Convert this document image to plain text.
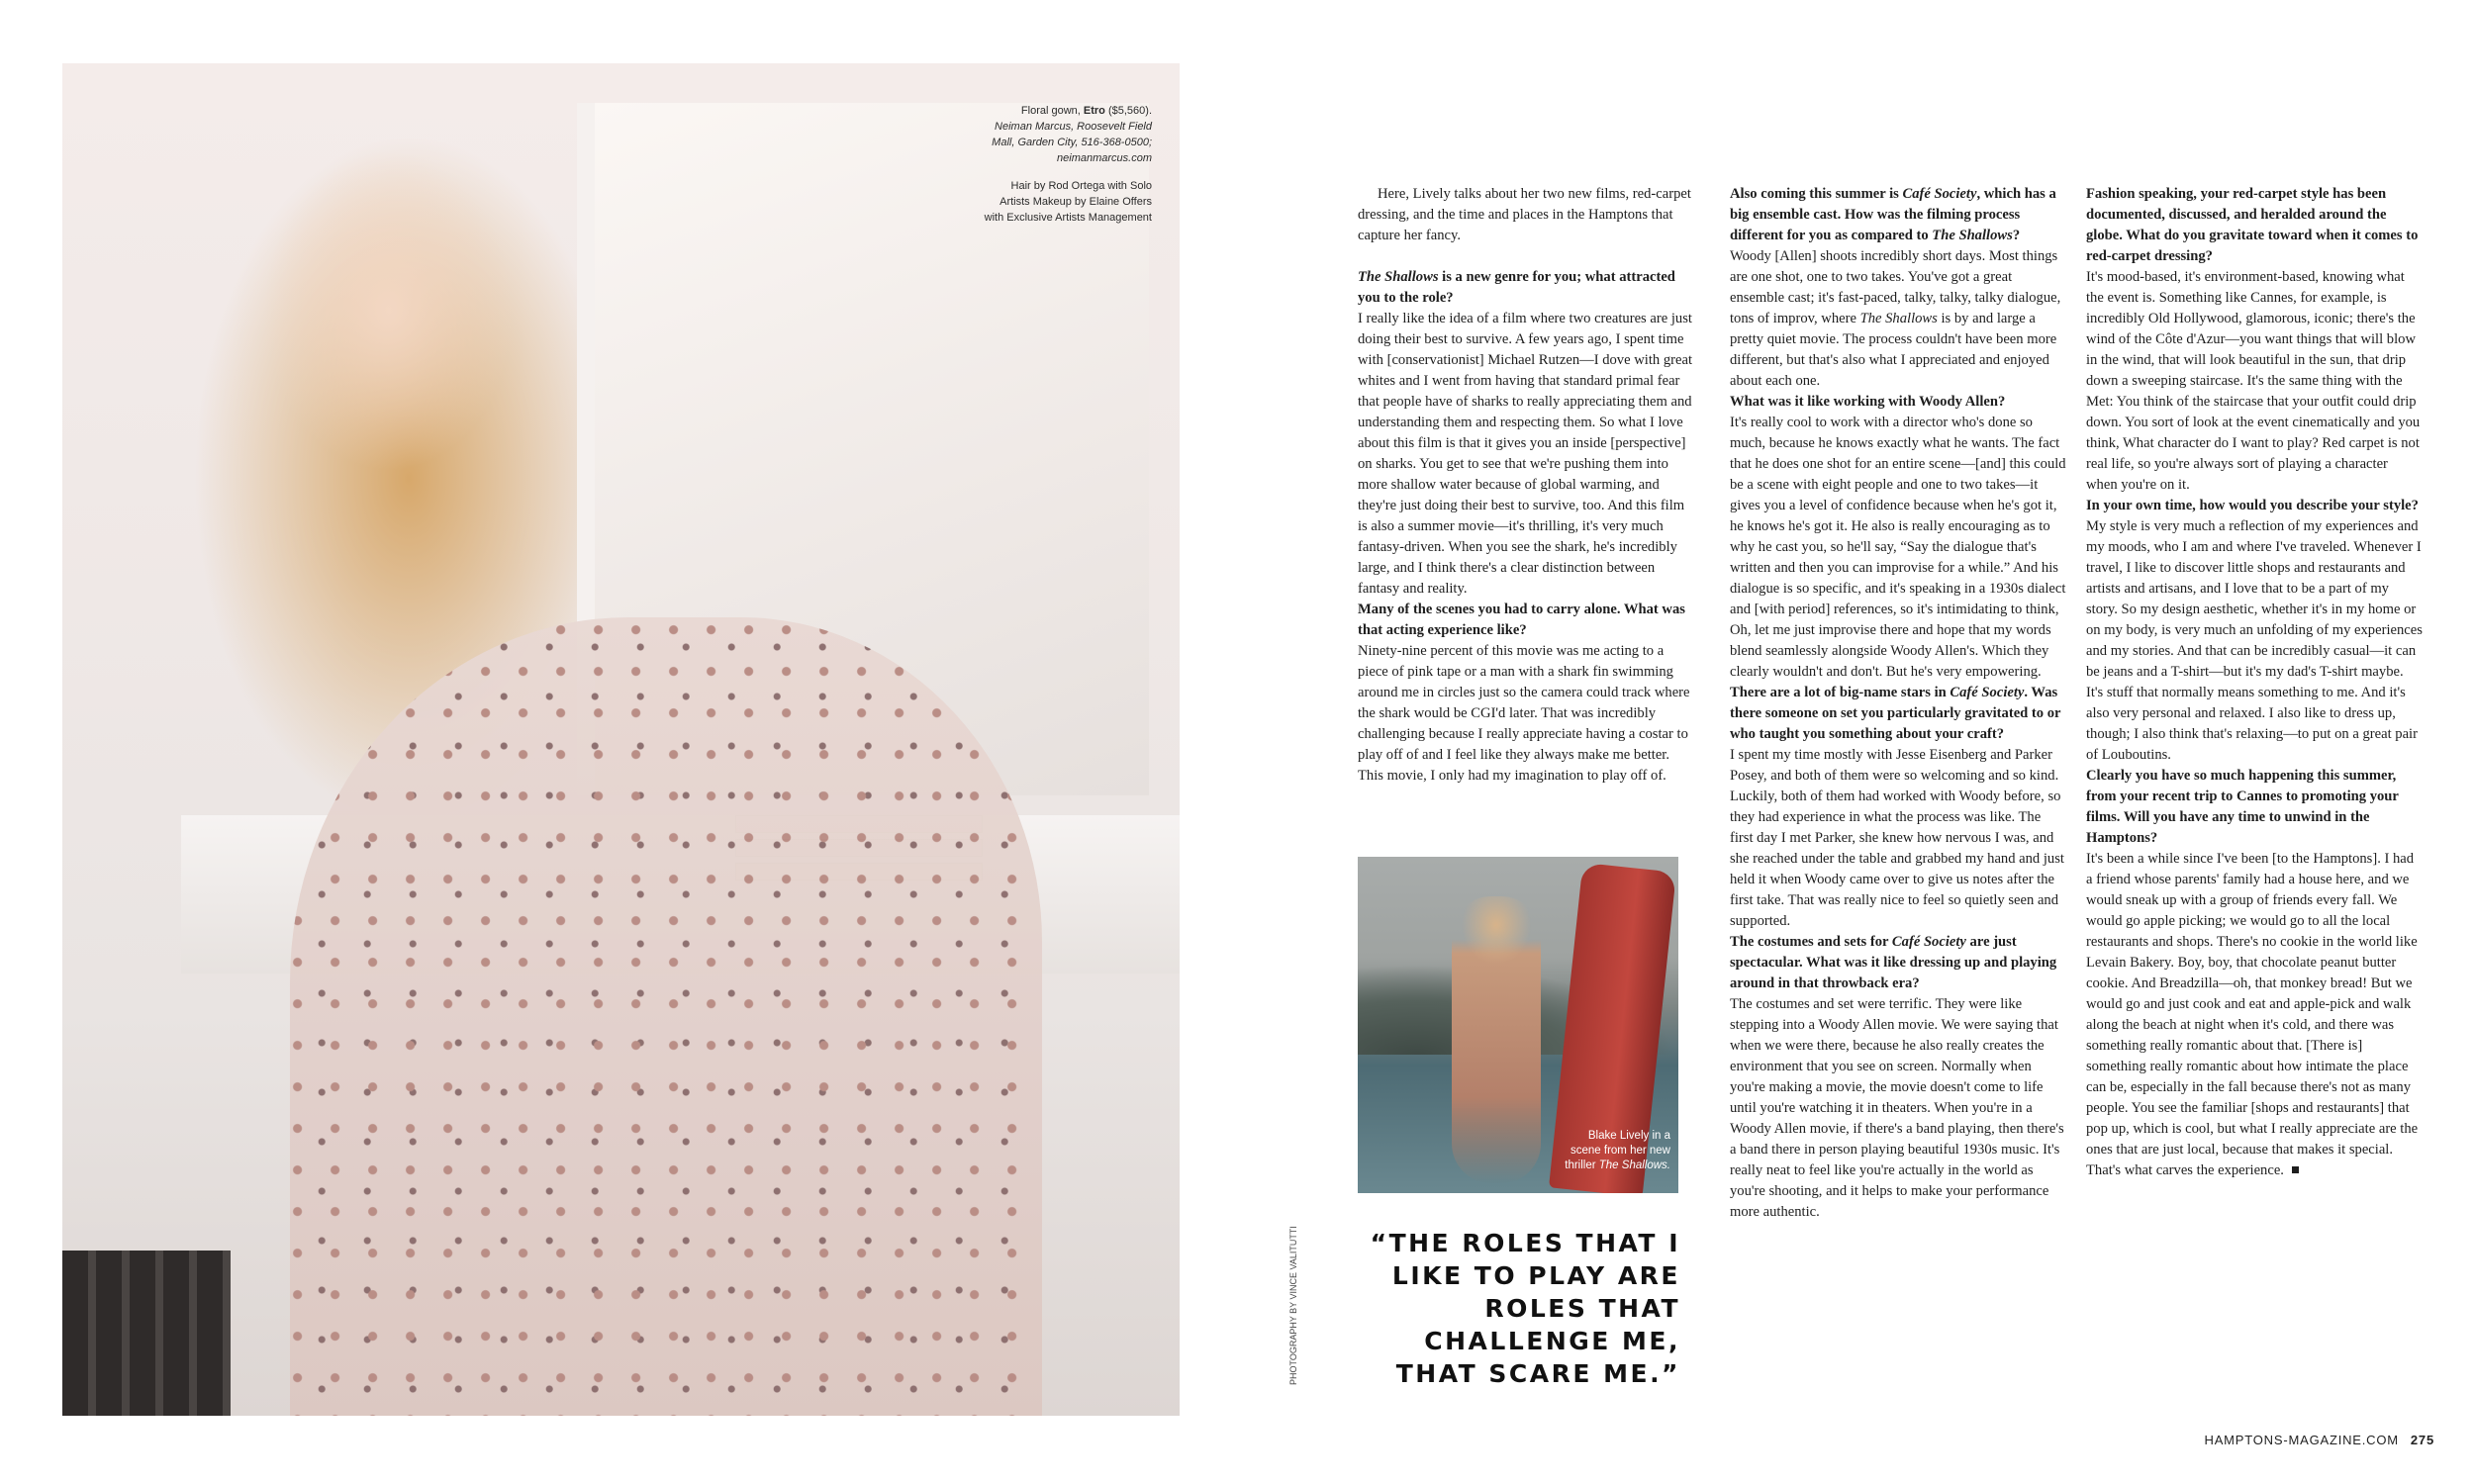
Floral gown, Etro ($5,560). Neiman Marcus, Roosevelt Field Mall, Garden City, 516-368-0500; neimanmarcus.com

Hair by Rod Ortega with Solo Artists Makeup by Elaine Offers with Exclusive Artists Management

PHOTOGRAPHY BY VINCE VALITUTTI

Here, Lively talks about her two new films, red-carpet dressing, and the time and places in the Hamptons that capture her fancy.

The Shallows is a new genre for you; what attracted you to the role?

I really like the idea of a film where two creatures are just doing their best to survive. A few years ago, I spent time with [conservationist] Michael Rutzen—I dove with great whites and I went from having that standard primal fear that people have of sharks to really appreciating them and understanding them and respecting them. So what I love about this film is that it gives you an inside [perspective] on sharks. You get to see that we're pushing them into more shallow water because of global warming, and they're just doing their best to survive, too. And this film is also a summer movie—it's thrilling, it's very much fantasy-driven. When you see the shark, he's incredibly large, and I think there's a clear distinction between fantasy and reality.

Many of the scenes you had to carry alone. What was that acting experience like?

Ninety-nine percent of this movie was me acting to a piece of pink tape or a man with a shark fin swimming around me in circles just so the camera could track where the shark would be CGI'd later. That was incredibly challenging because I really appreciate having a costar to play off of and I feel like they always make me better. This movie, I only had my imagination to play off of.

Blake Lively in a scene from her new thriller The Shallows.
“THE ROLES THAT I LIKE TO PLAY ARE ROLES THAT CHALLENGE ME, THAT SCARE ME.”

Also coming this summer is Café Society, which has a big ensemble cast. How was the filming process different for you as compared to The Shallows?

Woody [Allen] shoots incredibly short days. Most things are one shot, one to two takes. You've got a great ensemble cast; it's fast-paced, talky, talky, talky dialogue, tons of improv, where The Shallows is by and large a pretty quiet movie. The process couldn't have been more different, but that's also what I appreciated and enjoyed about each one.

What was it like working with Woody Allen?

It's really cool to work with a director who's done so much, because he knows exactly what he wants. The fact that he does one shot for an entire scene—[and] this could be a scene with eight people and one to two takes—it gives you a level of confidence because when he's got it, he knows he's got it. He also is really encouraging as to why he cast you, so he'll say, “Say the dialogue that's written and then you can improvise for a while.” And his dialogue is so specific, and it's speaking in a 1930s dialect and [with period] references, so it's intimidating to think, Oh, let me just improvise there and hope that my words blend seamlessly alongside Woody Allen's. Which they clearly wouldn't and don't. But he's very empowering.

There are a lot of big-name stars in Café Society. Was there someone on set you particularly gravitated to or who taught you something about your craft?

I spent my time mostly with Jesse Eisenberg and Parker Posey, and both of them were so welcoming and so kind. Luckily, both of them had worked with Woody before, so they had experience in what the process was like. The first day I met Parker, she knew how nervous I was, and she reached under the table and grabbed my hand and just held it when Woody came over to give us notes after the first take. That was really nice to feel so quietly seen and supported.

The costumes and sets for Café Society are just spectacular. What was it like dressing up and playing around in that throwback era?

The costumes and set were terrific. They were like stepping into a Woody Allen movie. We were saying that when we were there, because he also really creates the environment that you see on screen. Normally when you're making a movie, the movie doesn't come to life until you're watching it in theaters. When you're in a Woody Allen movie, if there's a band playing, then there's a band there in person playing beautiful 1930s music. It's really neat to feel like you're actually in the world as you're shooting, and it helps to make your performance more authentic.

Fashion speaking, your red-carpet style has been documented, discussed, and heralded around the globe. What do you gravitate toward when it comes to red-carpet dressing?

It's mood-based, it's environment-based, knowing what the event is. Something like Cannes, for example, is incredibly Old Hollywood, glamorous, iconic; there's the wind of the Côte d'Azur—you want things that will blow in the wind, that will look beautiful in the sun, that drip down a sweeping staircase. It's the same thing with the Met: You think of the staircase that your outfit could drip down. You sort of look at the event cinematically and you think, What character do I want to play? Red carpet is not real life, so you're always sort of playing a character when you're on it.

In your own time, how would you describe your style?

My style is very much a reflection of my experiences and my moods, who I am and where I've traveled. Whenever I travel, I like to discover little shops and restaurants and artists and artisans, and I love that to be a part of my story. So my design aesthetic, whether it's in my home or on my body, is very much an unfolding of my experiences and my stories. And that can be incredibly casual—it can be jeans and a T-shirt—but it's my dad's T-shirt maybe. It's stuff that normally means something to me. And it's also very personal and relaxed. I also like to dress up, though; I also think that's relaxing—to put on a great pair of Louboutins.

Clearly you have so much happening this summer, from your recent trip to Cannes to promoting your films. Will you have any time to unwind in the Hamptons?

It's been a while since I've been [to the Hamptons]. I had a friend whose parents' family had a house here, and we would sneak up with a group of friends every fall. We would go apple picking; we would go to all the local restaurants and shops. There's no cookie in the world like Levain Bakery. Boy, boy, that chocolate peanut butter cookie. And Breadzilla—oh, that monkey bread! But we would go and just cook and eat and apple-pick and walk along the beach at night when it's cold, and there was something really romantic about that. [There is] something really romantic about how intimate the place can be, especially in the fall because there's not as many people. You see the familiar [shops and restaurants] that pop up, which is cool, but what I really appreciate are the ones that are just local, because that makes it special. That's what carves the experience.

HAMPTONS-MAGAZINE.COM 275
